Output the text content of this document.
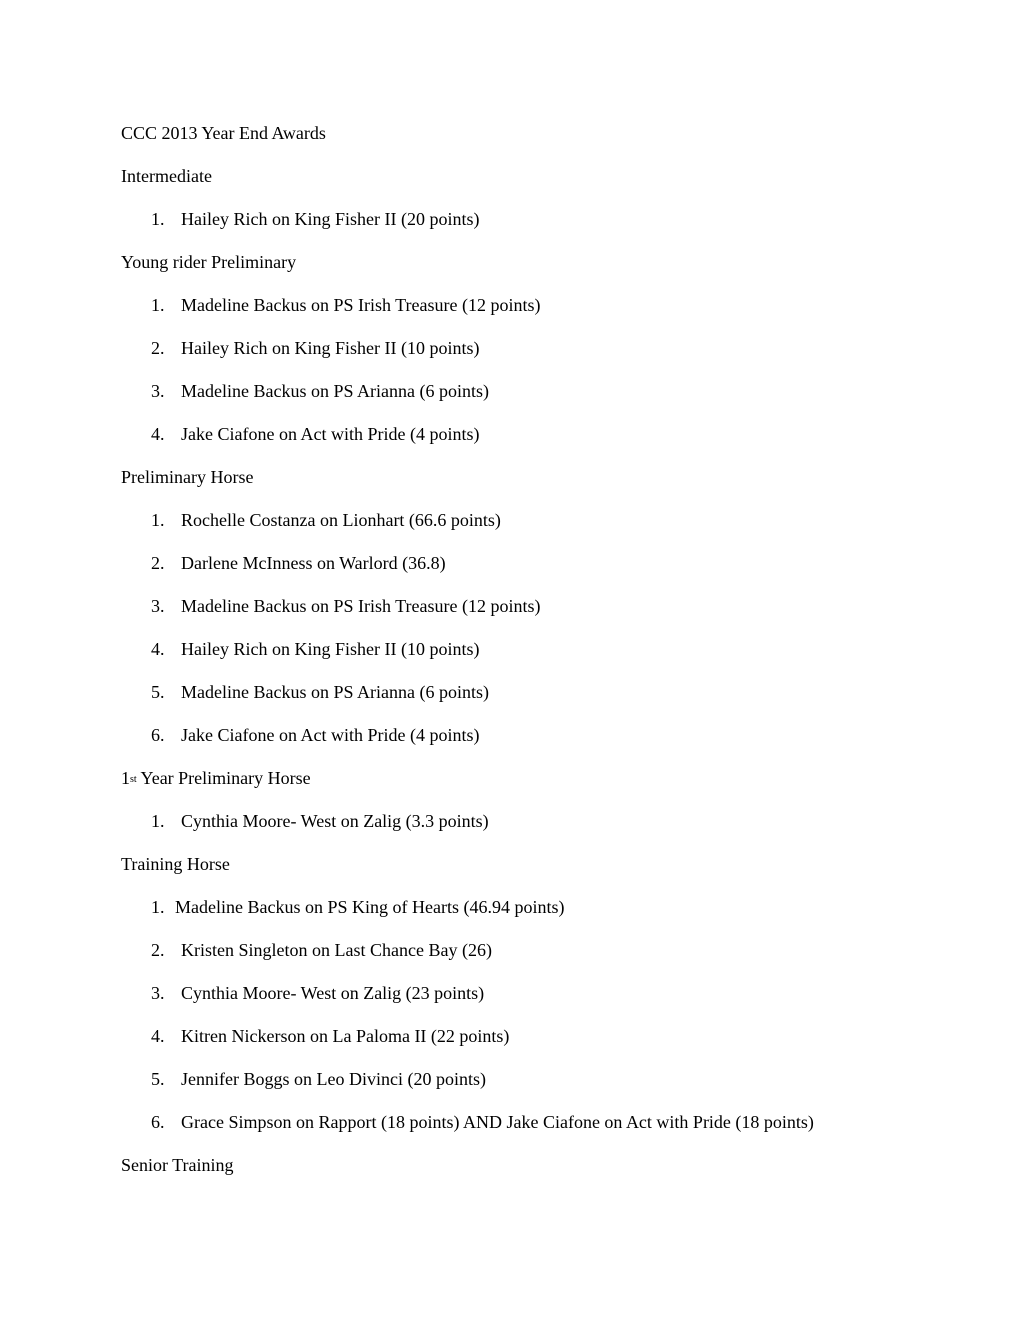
CCC 2013 Year End Awards
Intermediate
1. Hailey Rich on King Fisher II (20 points)
Young rider Preliminary
1. Madeline Backus on PS Irish Treasure (12 points)
2. Hailey Rich on King Fisher II (10 points)
3. Madeline Backus on PS Arianna (6 points)
4. Jake Ciafone on Act with Pride (4 points)
Preliminary Horse
1. Rochelle Costanza on Lionhart (66.6 points)
2. Darlene McInness on Warlord (36.8)
3. Madeline Backus on PS Irish Treasure (12 points)
4. Hailey Rich on King Fisher II (10 points)
5. Madeline Backus on PS Arianna (6 points)
6. Jake Ciafone on Act with Pride (4 points)
1st Year Preliminary Horse
1. Cynthia Moore- West on Zalig (3.3 points)
Training Horse
1. Madeline Backus on PS King of Hearts (46.94 points)
2. Kristen Singleton on Last Chance Bay (26)
3. Cynthia Moore- West on Zalig (23 points)
4. Kitren Nickerson on La Paloma II (22 points)
5. Jennifer Boggs on Leo Divinci (20 points)
6. Grace Simpson on Rapport (18 points) AND Jake Ciafone on Act with Pride (18 points)
Senior Training
